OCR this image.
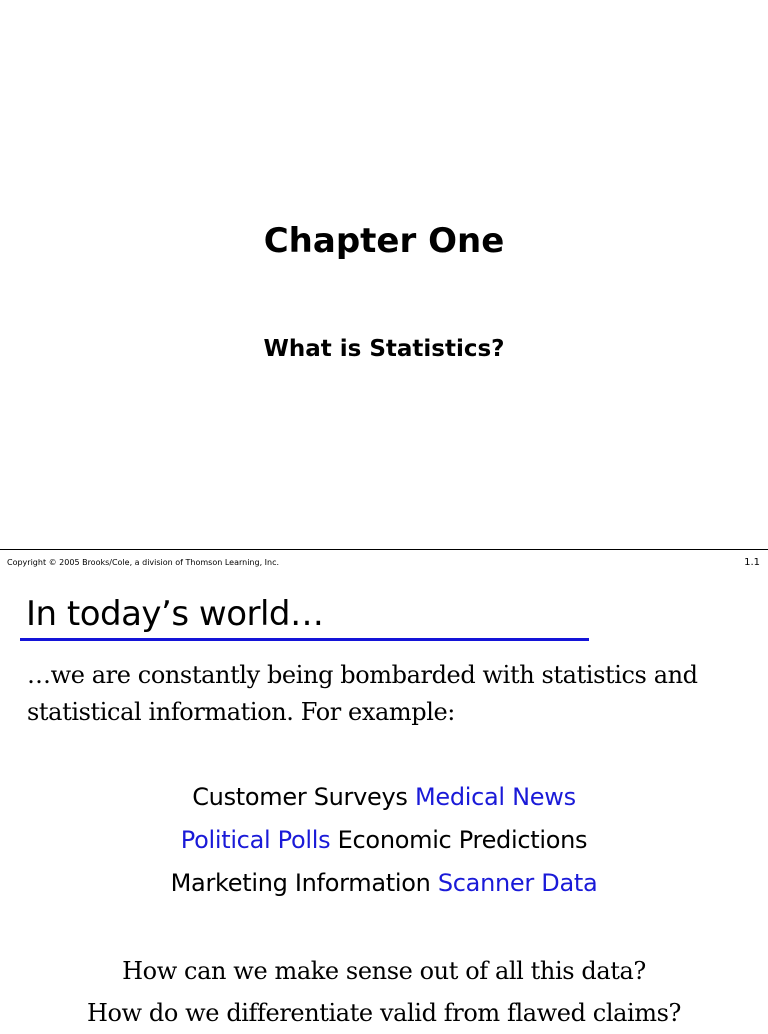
Chapter One
What is Statistics?
Copyright © 2005 Brooks/Cole, a division of Thomson Learning, Inc.	1.1
In today’s world…
…we are constantly being bombarded with statistics and
statistical information. For example:
Customer Surveys Medical News
Political Polls Economic Predictions
Marketing Information Scanner Data
How can we make sense out of all this data?
How do we differentiate valid from flawed claims?
